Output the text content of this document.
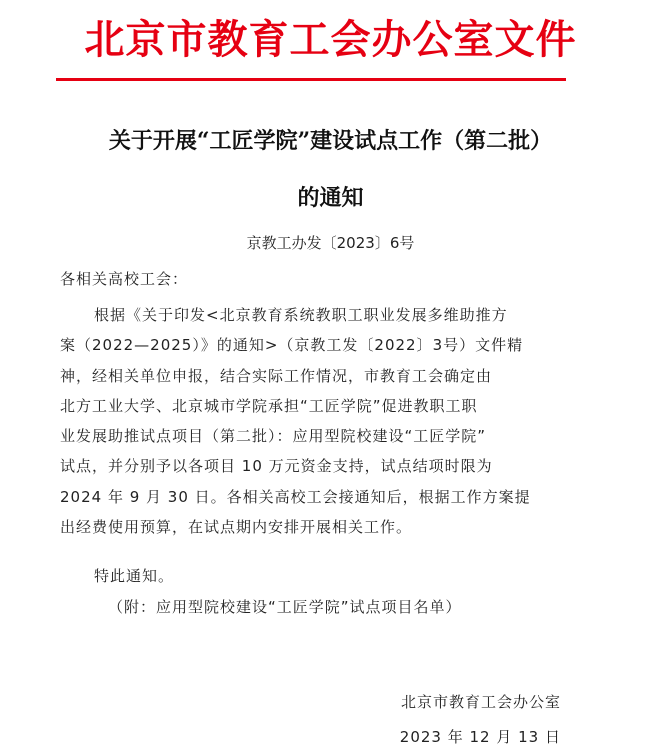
北京市教育工会办公室文件
关于开展“工匠学院”建设试点工作（第二批）
的通知
京教工办发〔2023〕6号
各相关高校工会：
根据《关于印发<北京教育系统教职工职业发展多维助推方
案（2022—2025）》的通知>（京教工发〔2022〕3号）文件精
神，经相关单位申报，结合实际工作情况，市教育工会确定由
北方工业大学、北京城市学院承担“工匠学院”促进教职工职
业发展助推试点项目（第二批）：应用型院校建设“工匠学院”
试点，并分别予以各项目 10 万元资金支持，试点结项时限为
2024 年 9 月 30 日。各相关高校工会接通知后，根据工作方案提
出经费使用预算，在试点期内安排开展相关工作。
特此通知。
（附：应用型院校建设“工匠学院”试点项目名单）
北京市教育工会办公室
2023 年 12 月 13 日
